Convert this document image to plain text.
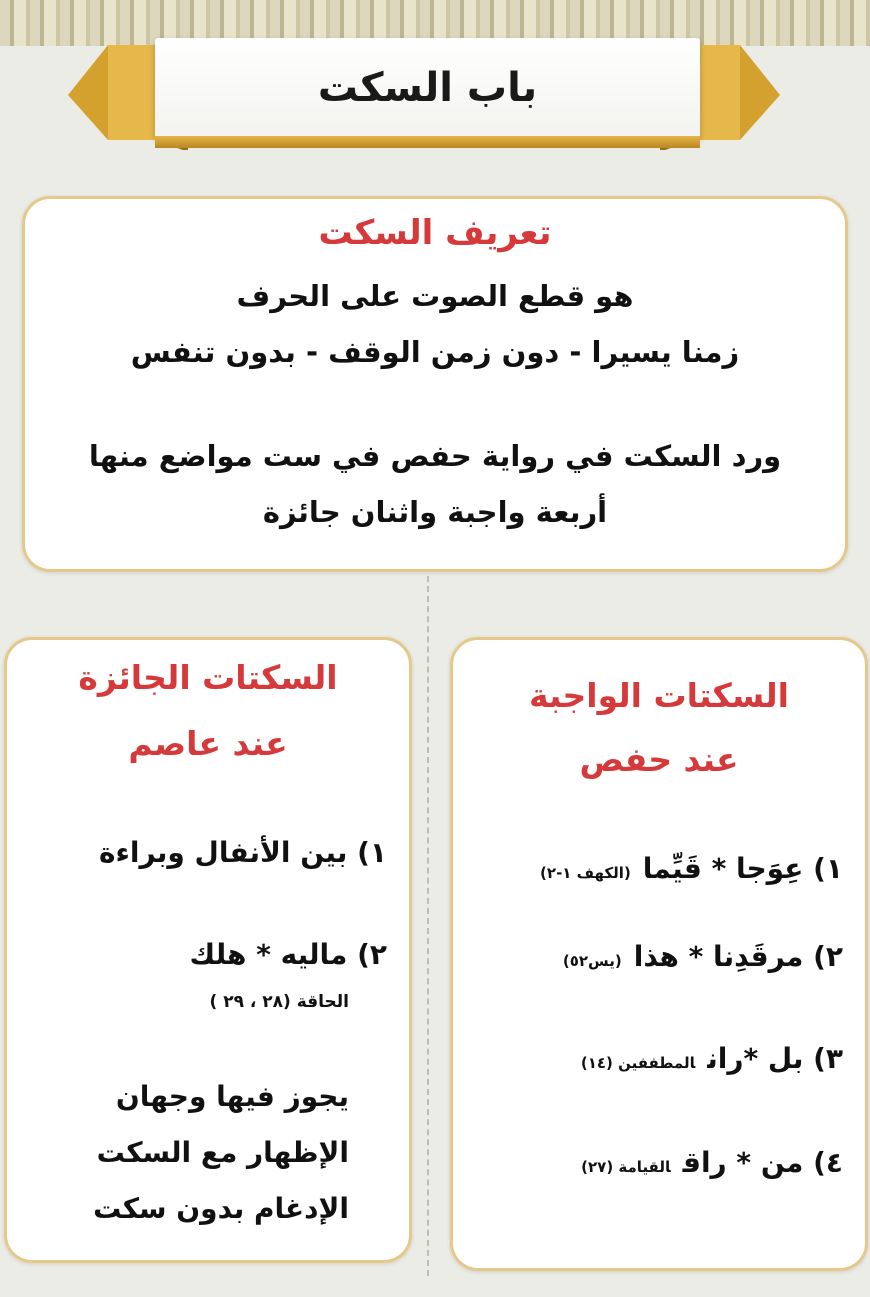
باب السكت
تعريف السكت
هو قطع الصوت على الحرف
زمنا يسيرا - دون زمن الوقف - بدون تنفس
ورد السكت في رواية حفص في ست مواضع منها
أربعة واجبة واثنان جائزة
السكتات الواجبة
عند حفص
١) عِوَجا * قَيِّما(الكهف ١-٢)
٢) مرقَدِنا * هذا(يس٥٢)
٣) بل *رانالمطففين (١٤)
٤) من * راقالقيامة (٢٧)
السكتات الجائزة
عند عاصم
١) بين الأنفال وبراءة
٢) ماليه * هلك
الحاقة (٢٨ ، ٢٩ )
يجوز فيها وجهان
الإظهار مع السكت
الإدغام بدون سكت
